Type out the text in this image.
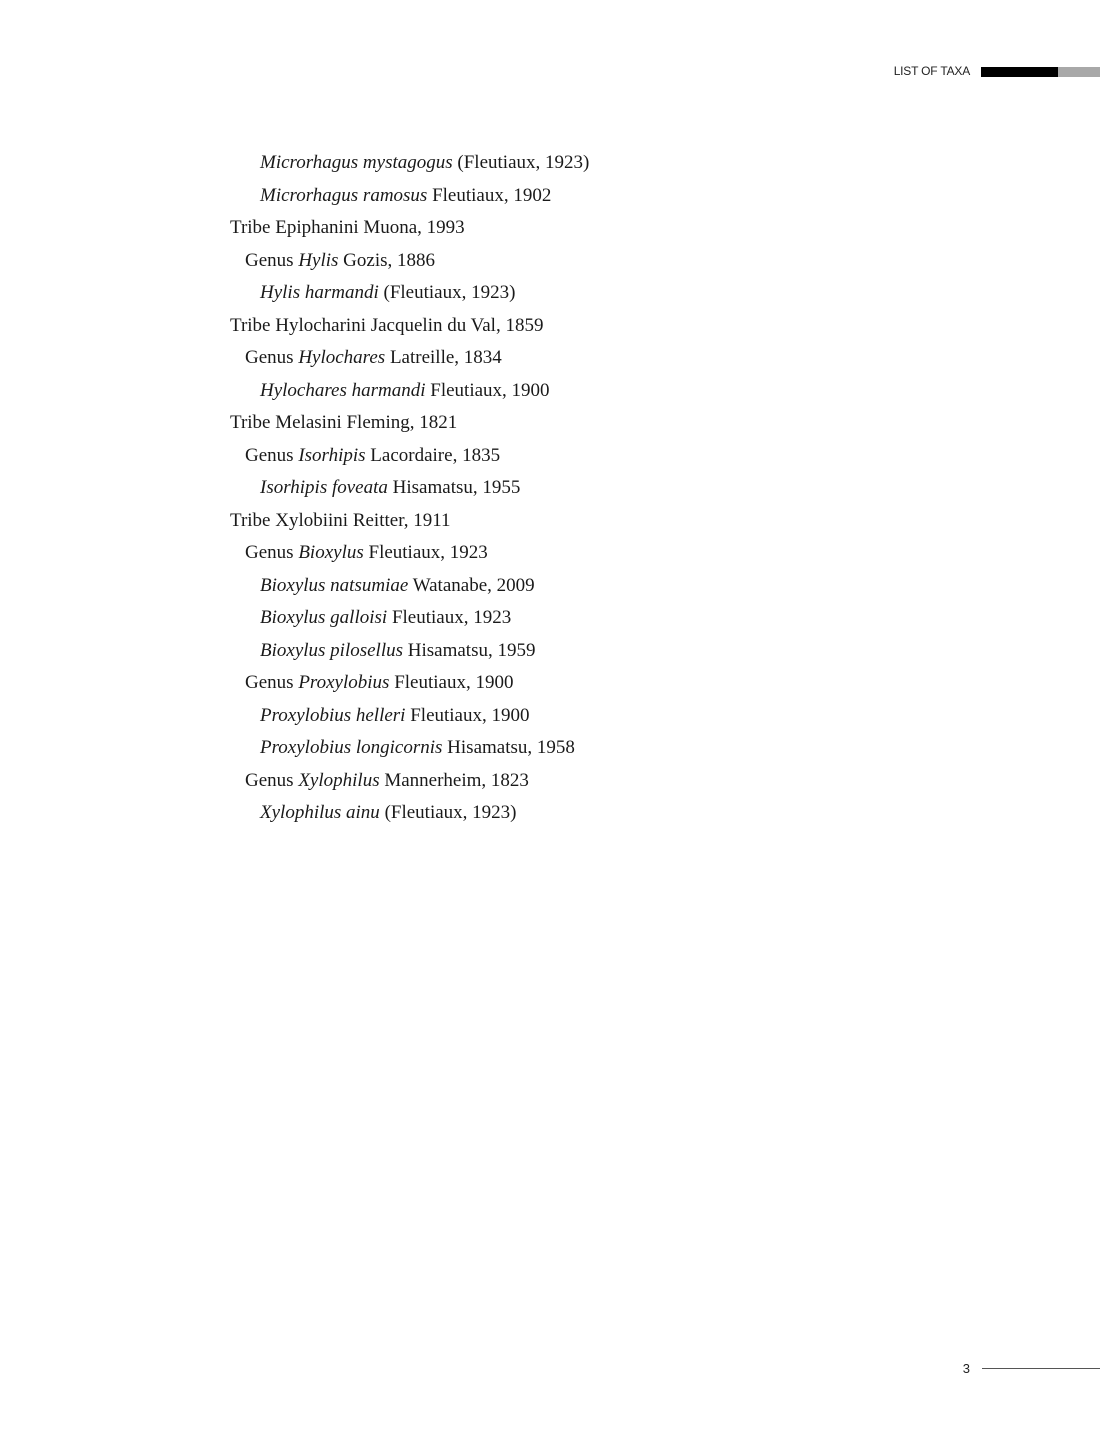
LIST OF TAXA
Microrhagus mystagogus (Fleutiaux, 1923)
Microrhagus ramosus Fleutiaux, 1902
Tribe Epiphanini Muona, 1993
Genus Hylis Gozis, 1886
Hylis harmandi (Fleutiaux, 1923)
Tribe Hylocharini Jacquelin du Val, 1859
Genus Hylochares Latreille, 1834
Hylochares harmandi Fleutiaux, 1900
Tribe Melasini Fleming, 1821
Genus Isorhipis Lacordaire, 1835
Isorhipis foveata Hisamatsu, 1955
Tribe Xylobiini Reitter, 1911
Genus Bioxylus Fleutiaux, 1923
Bioxylus natsumiae Watanabe, 2009
Bioxylus galloisi Fleutiaux, 1923
Bioxylus pilosellus Hisamatsu, 1959
Genus Proxylobius Fleutiaux, 1900
Proxylobius helleri Fleutiaux, 1900
Proxylobius longicornis Hisamatsu, 1958
Genus Xylophilus Mannerheim, 1823
Xylophilus ainu (Fleutiaux, 1923)
3
